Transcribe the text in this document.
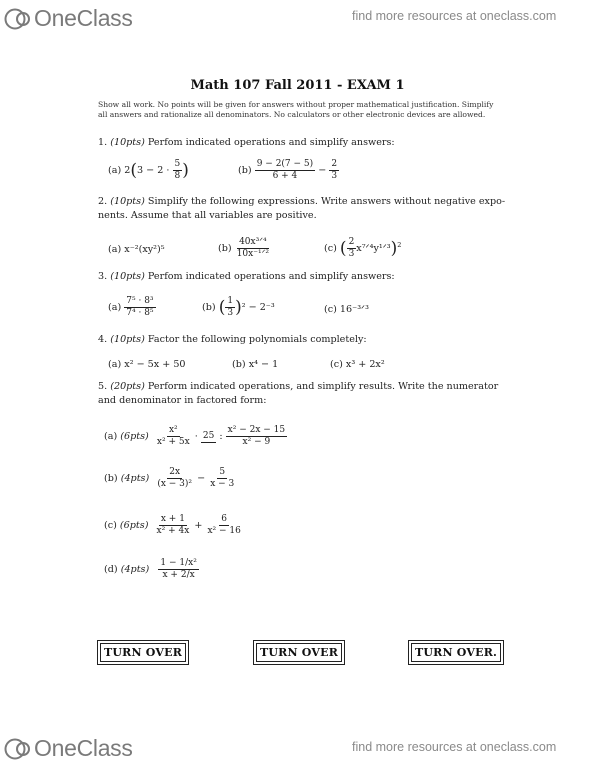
OneClass	find more resources at oneclass.com
Math 107 Fall 2011 - EXAM 1
Show all work. No points will be given for answers without proper mathematical justification. Simplify
all answers and rationalize all denominators. No calculators or other electronic devices are allowed.
1. (10pts) Perfom indicated operations and simplify answers:
(a) $2(3 - 2 \cdot \frac{5}{8}$ )	$(b) \frac{9 - 2(7 - 5)}{6 + 4} - \frac{2}{3}$
2. (10pts) Simplify the following expressions. Write answers without negative expo-
nents. Assume that all variables are positive.
(a) x⁻²(xy²)⁵	$(b) \frac{\text{40x³ᐟ⁴}}{\text{10x⁻¹ᐟ²}}$	(c) ( $\frac{2}{3}$ x⁷ᐟ⁴y¹ᐟ³)$^2$
3. (10pts) Perfom indicated operations and simplify answers:
$(a) \frac{\text{7⁵ · 8³}}{\text{7⁴ · 8⁵}}$	(b) ( $\frac{1}{3} )^2 - 2^{-3}$	(c) 16⁻³ᐟ³
4. (10pts) Factor the following polynomials completely:
(a) x² − 5x + 50	(b) x⁴ − 1	(c) x³ + 2x²
5. (20pts) Perform indicated operations, and simplify results. Write the numerator
and denominator in factored form:
(a) $(6pts) \frac{\text{x²}}{\text{x² + 5x}} \cdot 25$ : $\frac{\text{x² − 2x − 15}}{\text{x² − 9}}$
(b) $(4pts) \frac{2x}{\text{(x − 3)²}} - \frac{5}{x - 3}$
(c) $(6pts) \frac{x + 1}{\text{x² + 4x}} + \frac{6}{\text{x² − 16}}$
(d) $(4pts) \frac{\text{1 − 1/x²}}{x + 2/x}$
TURN OVER	TURN OVER	TURN OVER.
OneClass	find more resources at oneclass.com
